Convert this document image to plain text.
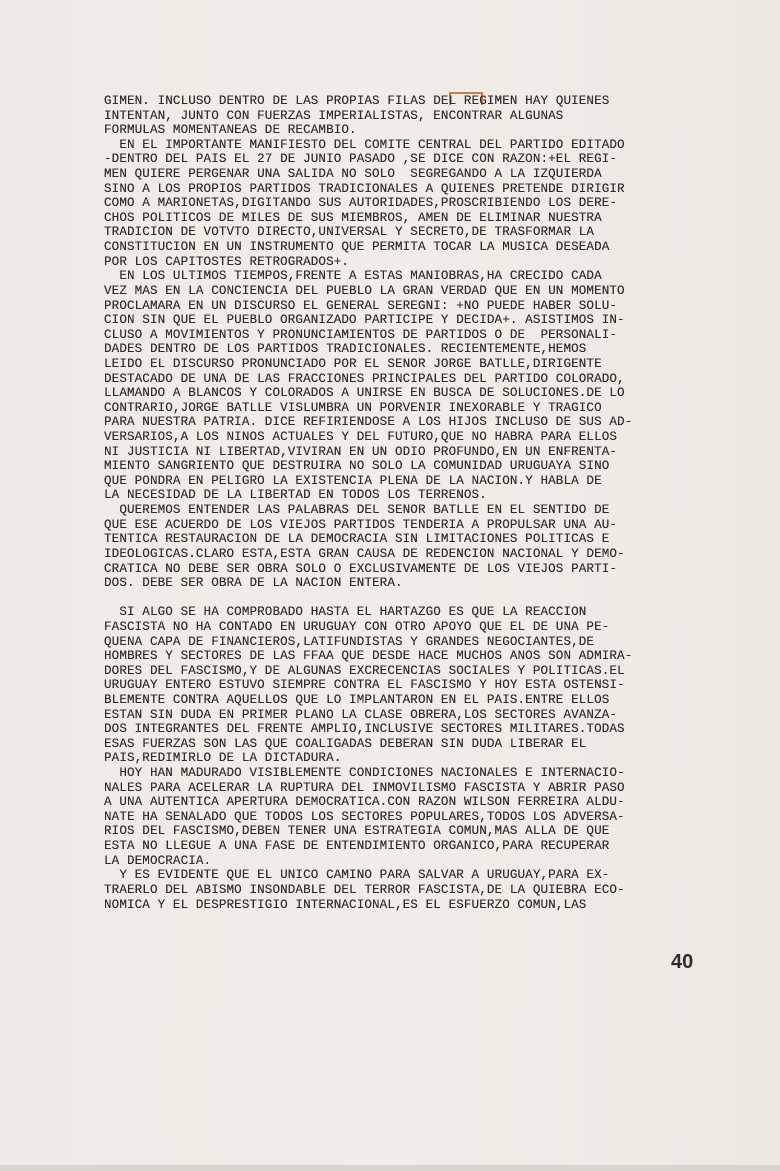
GIMEN. INCLUSO DENTRO DE LAS PROPIAS FILAS DEL REGIMEN HAY QUIENES
INTENTAN, JUNTO CON FUERZAS IMPERIALISTAS, ENCONTRAR ALGUNAS
FORMULAS MOMENTANEAS DE RECAMBIO.
EN EL IMPORTANTE MANIFIESTO DEL COMITE CENTRAL DEL PARTIDO EDITADO
-DENTRO DEL PAIS EL 27 DE JUNIO PASADO ,SE DICE CON RAZON:+EL REGI-
MEN QUIERE PERGENAR UNA SALIDA NO SOLO  SEGREGANDO A LA IZQUIERDA
SINO A LOS PROPIOS PARTIDOS TRADICIONALES A QUIENES PRETENDE DIRIGIR
COMO A MARIONETAS,DIGITANDO SUS AUTORIDADES,PROSCRIBIENDO LOS DERE-
CHOS POLITICOS DE MILES DE SUS MIEMBROS, AMEN DE ELIMINAR NUESTRA
TRADICION DE VOTVTO DIRECTO,UNIVERSAL Y SECRETO,DE TRASFORMAR LA
CONSTITUCION EN UN INSTRUMENTO QUE PERMITA TOCAR LA MUSICA DESEADA
POR LOS CAPITOSTES RETROGRADOS+.
EN LOS ULTIMOS TIEMPOS,FRENTE A ESTAS MANIOBRAS,HA CRECIDO CADA
VEZ MAS EN LA CONCIENCIA DEL PUEBLO LA GRAN VERDAD QUE EN UN MOMENTO
PROCLAMARA EN UN DISCURSO EL GENERAL SEREGNI: +NO PUEDE HABER SOLU-
CION SIN QUE EL PUEBLO ORGANIZADO PARTICIPE Y DECIDA+. ASISTIMOS IN-
CLUSO A MOVIMIENTOS Y PRONUNCIAMIENTOS DE PARTIDOS O DE  PERSONALI-
DADES DENTRO DE LOS PARTIDOS TRADICIONALES. RECIENTEMENTE,HEMOS
LEIDO EL DISCURSO PRONUNCIADO POR EL SENOR JORGE BATLLE,DIRIGENTE
DESTACADO DE UNA DE LAS FRACCIONES PRINCIPALES DEL PARTIDO COLORADO,
LLAMANDO A BLANCOS Y COLORADOS A UNIRSE EN BUSCA DE SOLUCIONES.DE LO
CONTRARIO,JORGE BATLLE VISLUMBRA UN PORVENIR INEXORABLE Y TRAGICO
PARA NUESTRA PATRIA. DICE REFIRIENDOSE A LOS HIJOS INCLUSO DE SUS AD-
VERSARIOS,A LOS NINOS ACTUALES Y DEL FUTURO,QUE NO HABRA PARA ELLOS
NI JUSTICIA NI LIBERTAD,VIVIRAN EN UN ODIO PROFUNDO,EN UN ENFRENTA-
MIENTO SANGRIENTO QUE DESTRUIRA NO SOLO LA COMUNIDAD URUGUAYA SINO
QUE PONDRA EN PELIGRO LA EXISTENCIA PLENA DE LA NACION.Y HABLA DE
LA NECESIDAD DE LA LIBERTAD EN TODOS LOS TERRENOS.
QUEREMOS ENTENDER LAS PALABRAS DEL SENOR BATLLE EN EL SENTIDO DE
QUE ESE ACUERDO DE LOS VIEJOS PARTIDOS TENDERIA A PROPULSAR UNA AU-
TENTICA RESTAURACION DE LA DEMOCRACIA SIN LIMITACIONES POLITICAS E
IDEOLOGICAS.CLARO ESTA,ESTA GRAN CAUSA DE REDENCION NACIONAL Y DEMO-
CRATICA NO DEBE SER OBRA SOLO O EXCLUSIVAMENTE DE LOS VIEJOS PARTI-
DOS. DEBE SER OBRA DE LA NACION ENTERA.
SI ALGO SE HA COMPROBADO HASTA EL HARTAZGO ES QUE LA REACCION
FASCISTA NO HA CONTADO EN URUGUAY CON OTRO APOYO QUE EL DE UNA PE-
QUENA CAPA DE FINANCIEROS,LATIFUNDISTAS Y GRANDES NEGOCIANTES,DE
HOMBRES Y SECTORES DE LAS FFAA QUE DESDE HACE MUCHOS ANOS SON ADMIRA-
DORES DEL FASCISMO,Y DE ALGUNAS EXCRECENCIAS SOCIALES Y POLITICAS.EL
URUGUAY ENTERO ESTUVO SIEMPRE CONTRA EL FASCISMO Y HOY ESTA OSTENSI-
BLEMENTE CONTRA AQUELLOS QUE LO IMPLANTARON EN EL PAIS.ENTRE ELLOS
ESTAN SIN DUDA EN PRIMER PLANO LA CLASE OBRERA,LOS SECTORES AVANZA-
DOS INTEGRANTES DEL FRENTE AMPLIO,INCLUSIVE SECTORES MILITARES.TODAS
ESAS FUERZAS SON LAS QUE COALIGADAS DEBERAN SIN DUDA LIBERAR EL
PAIS,REDIMIRLO DE LA DICTADURA.
HOY HAN MADURADO VISIBLEMENTE CONDICIONES NACIONALES E INTERNACIO-
NALES PARA ACELERAR LA RUPTURA DEL INMOVILISMO FASCISTA Y ABRIR PASO
A UNA AUTENTICA APERTURA DEMOCRATICA.CON RAZON WILSON FERREIRA ALDU-
NATE HA SENALADO QUE TODOS LOS SECTORES POPULARES,TODOS LOS ADVERSA-
RIOS DEL FASCISMO,DEBEN TENER UNA ESTRATEGIA COMUN,MAS ALLA DE QUE
ESTA NO LLEGUE A UNA FASE DE ENTENDIMIENTO ORGANICO,PARA RECUPERAR
LA DEMOCRACIA.
Y ES EVIDENTE QUE EL UNICO CAMINO PARA SALVAR A URUGUAY,PARA EX-
TRAERLO DEL ABISMO INSONDABLE DEL TERROR FASCISTA,DE LA QUIEBRA ECO-
NOMICA Y EL DESPRESTIGIO INTERNACIONAL,ES EL ESFUERZO COMUN,LAS
40
